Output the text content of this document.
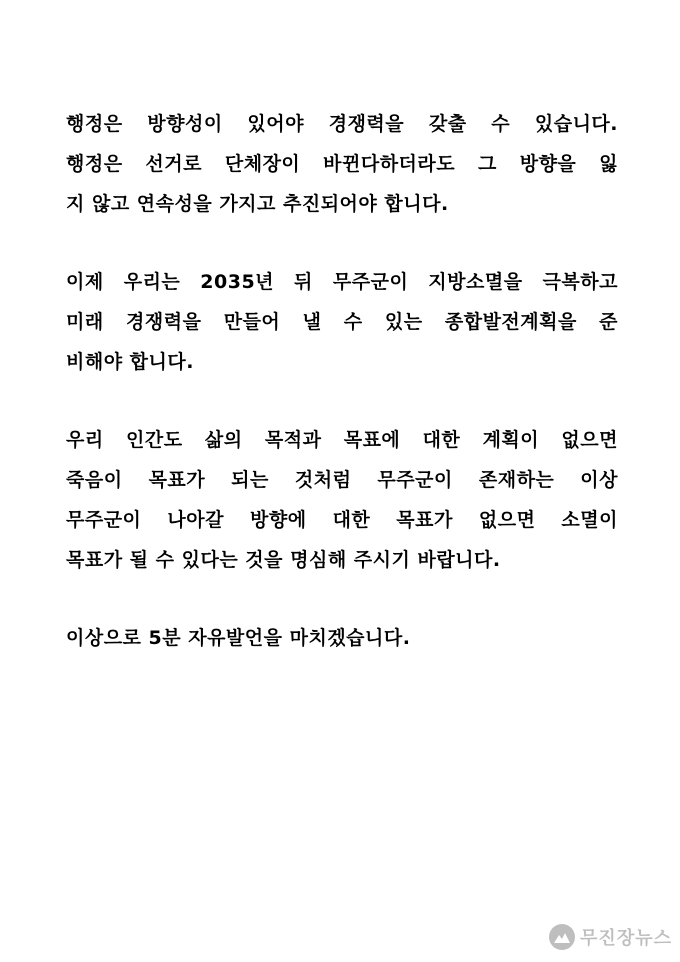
행정은 방향성이 있어야 경쟁력을 갖출 수 있습니다.
행정은 선거로 단체장이 바뀐다하더라도 그 방향을 잃
지 않고 연속성을 가지고 추진되어야 합니다.
이제 우리는 2035년 뒤 무주군이 지방소멸을 극복하고
미래 경쟁력을 만들어 낼 수 있는 종합발전계획을 준
비해야 합니다.
우리 인간도 삶의 목적과 목표에 대한 계획이 없으면
죽음이 목표가 되는 것처럼 무주군이 존재하는 이상
무주군이 나아갈 방향에 대한 목표가 없으면 소멸이
목표가 될 수 있다는 것을 명심해 주시기 바랍니다.
이상으로 5분 자유발언을 마치겠습니다.
무진장뉴스
